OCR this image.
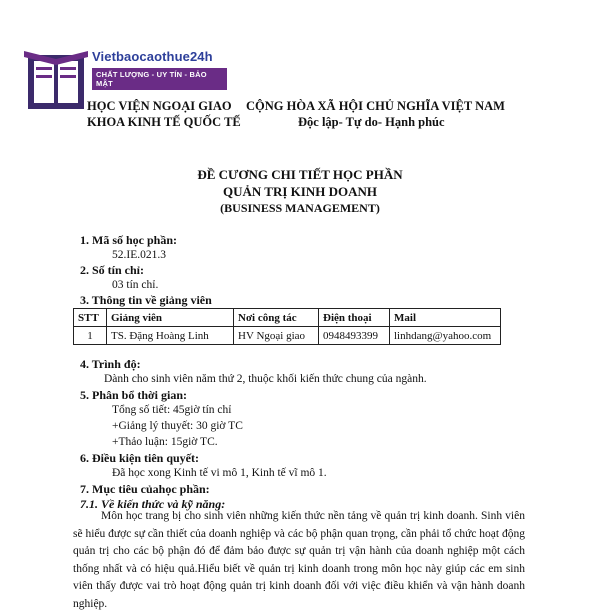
Vietbaocaothue24h
CHẤT LƯỢNG - UY TÍN - BẢO MẬT
HỌC VIỆN NGOẠI GIAO
KHOA KINH TẾ QUỐC TẾ
CỘNG HÒA XÃ HỘI CHỦ NGHĨA VIỆT NAM
Độc lập- Tự do- Hạnh phúc
ĐỀ CƯƠNG CHI TIẾT HỌC PHẦN
QUẢN TRỊ KINH DOANH
(BUSINESS MANAGEMENT)
1. Mã số học phần:
52.IE.021.3
2. Số tín chỉ:
03 tín chỉ.
3. Thông tin về giảng viên
STT	Giảng viên	Nơi công tác	Điện thoại	Mail
1	TS. Đặng Hoàng Linh	HV Ngoại giao	0948493399	linhdang@yahoo.com
4. Trình độ:
Dành cho sinh viên năm thứ 2, thuộc khối kiến thức chung của ngành.
5. Phân bổ thời gian:
Tổng số tiết: 45giờ tín chỉ
+Giảng lý thuyết: 30 giờ TC
+Thảo luận: 15giờ TC.
6. Điều kiện tiên quyết:
Đã học xong Kinh tế vi mô 1, Kinh tế vĩ mô 1.
7. Mục tiêu củahọc phần:
7.1. Về kiến thức và kỹ năng:
Môn học trang bị cho sinh viên những kiến thức nền tảng về quản trị kinh doanh. Sinh viên sẽ hiểu được sự cần thiết của doanh nghiệp và các bộ phận quan trọng, cần phải tổ chức hoạt động quản trị cho các bộ phận đó để đảm bảo được sự quản trị vận hành của doanh nghiệp một cách thống nhất và có hiệu quả.Hiểu biết về quản trị kinh doanh trong môn học này giúp các em sinh viên thấy được vai trò hoạt động quản trị kinh doanh đối với việc điều khiển và vận hành doanh nghiệp.
